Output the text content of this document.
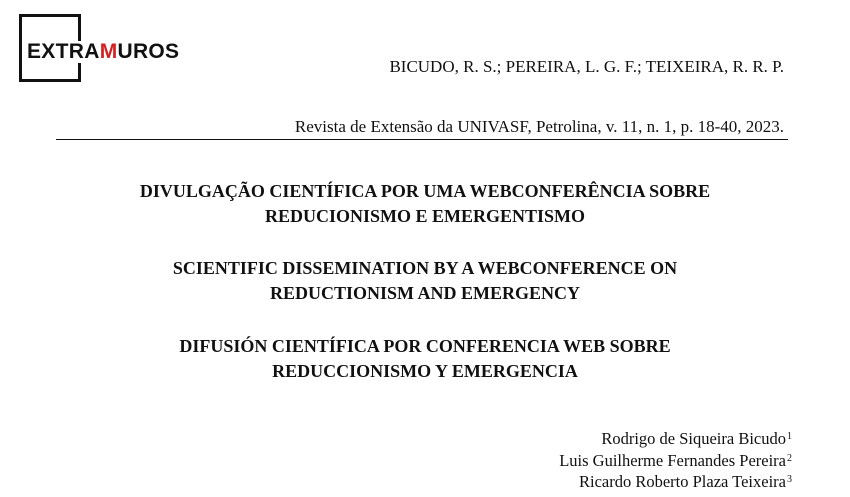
EXTRAMUROS
BICUDO, R. S.; PEREIRA, L. G. F.; TEIXEIRA, R. R. P.
Revista de Extensão da UNIVASF, Petrolina, v. 11, n. 1, p. 18-40, 2023.
DIVULGAÇÃO CIENTÍFICA POR UMA WEBCONFERÊNCIA SOBRE
REDUCIONISMO E EMERGENTISMO
SCIENTIFIC DISSEMINATION BY A WEBCONFERENCE ON
REDUCTIONISM AND EMERGENCY
DIFUSIÓN CIENTÍFICA POR CONFERENCIA WEB SOBRE
REDUCCIONISMO Y EMERGENCIA
Rodrigo de Siqueira Bicudo$^1$
Luis Guilherme Fernandes Pereira$^2$
Ricardo Roberto Plaza Teixeira$^3$
